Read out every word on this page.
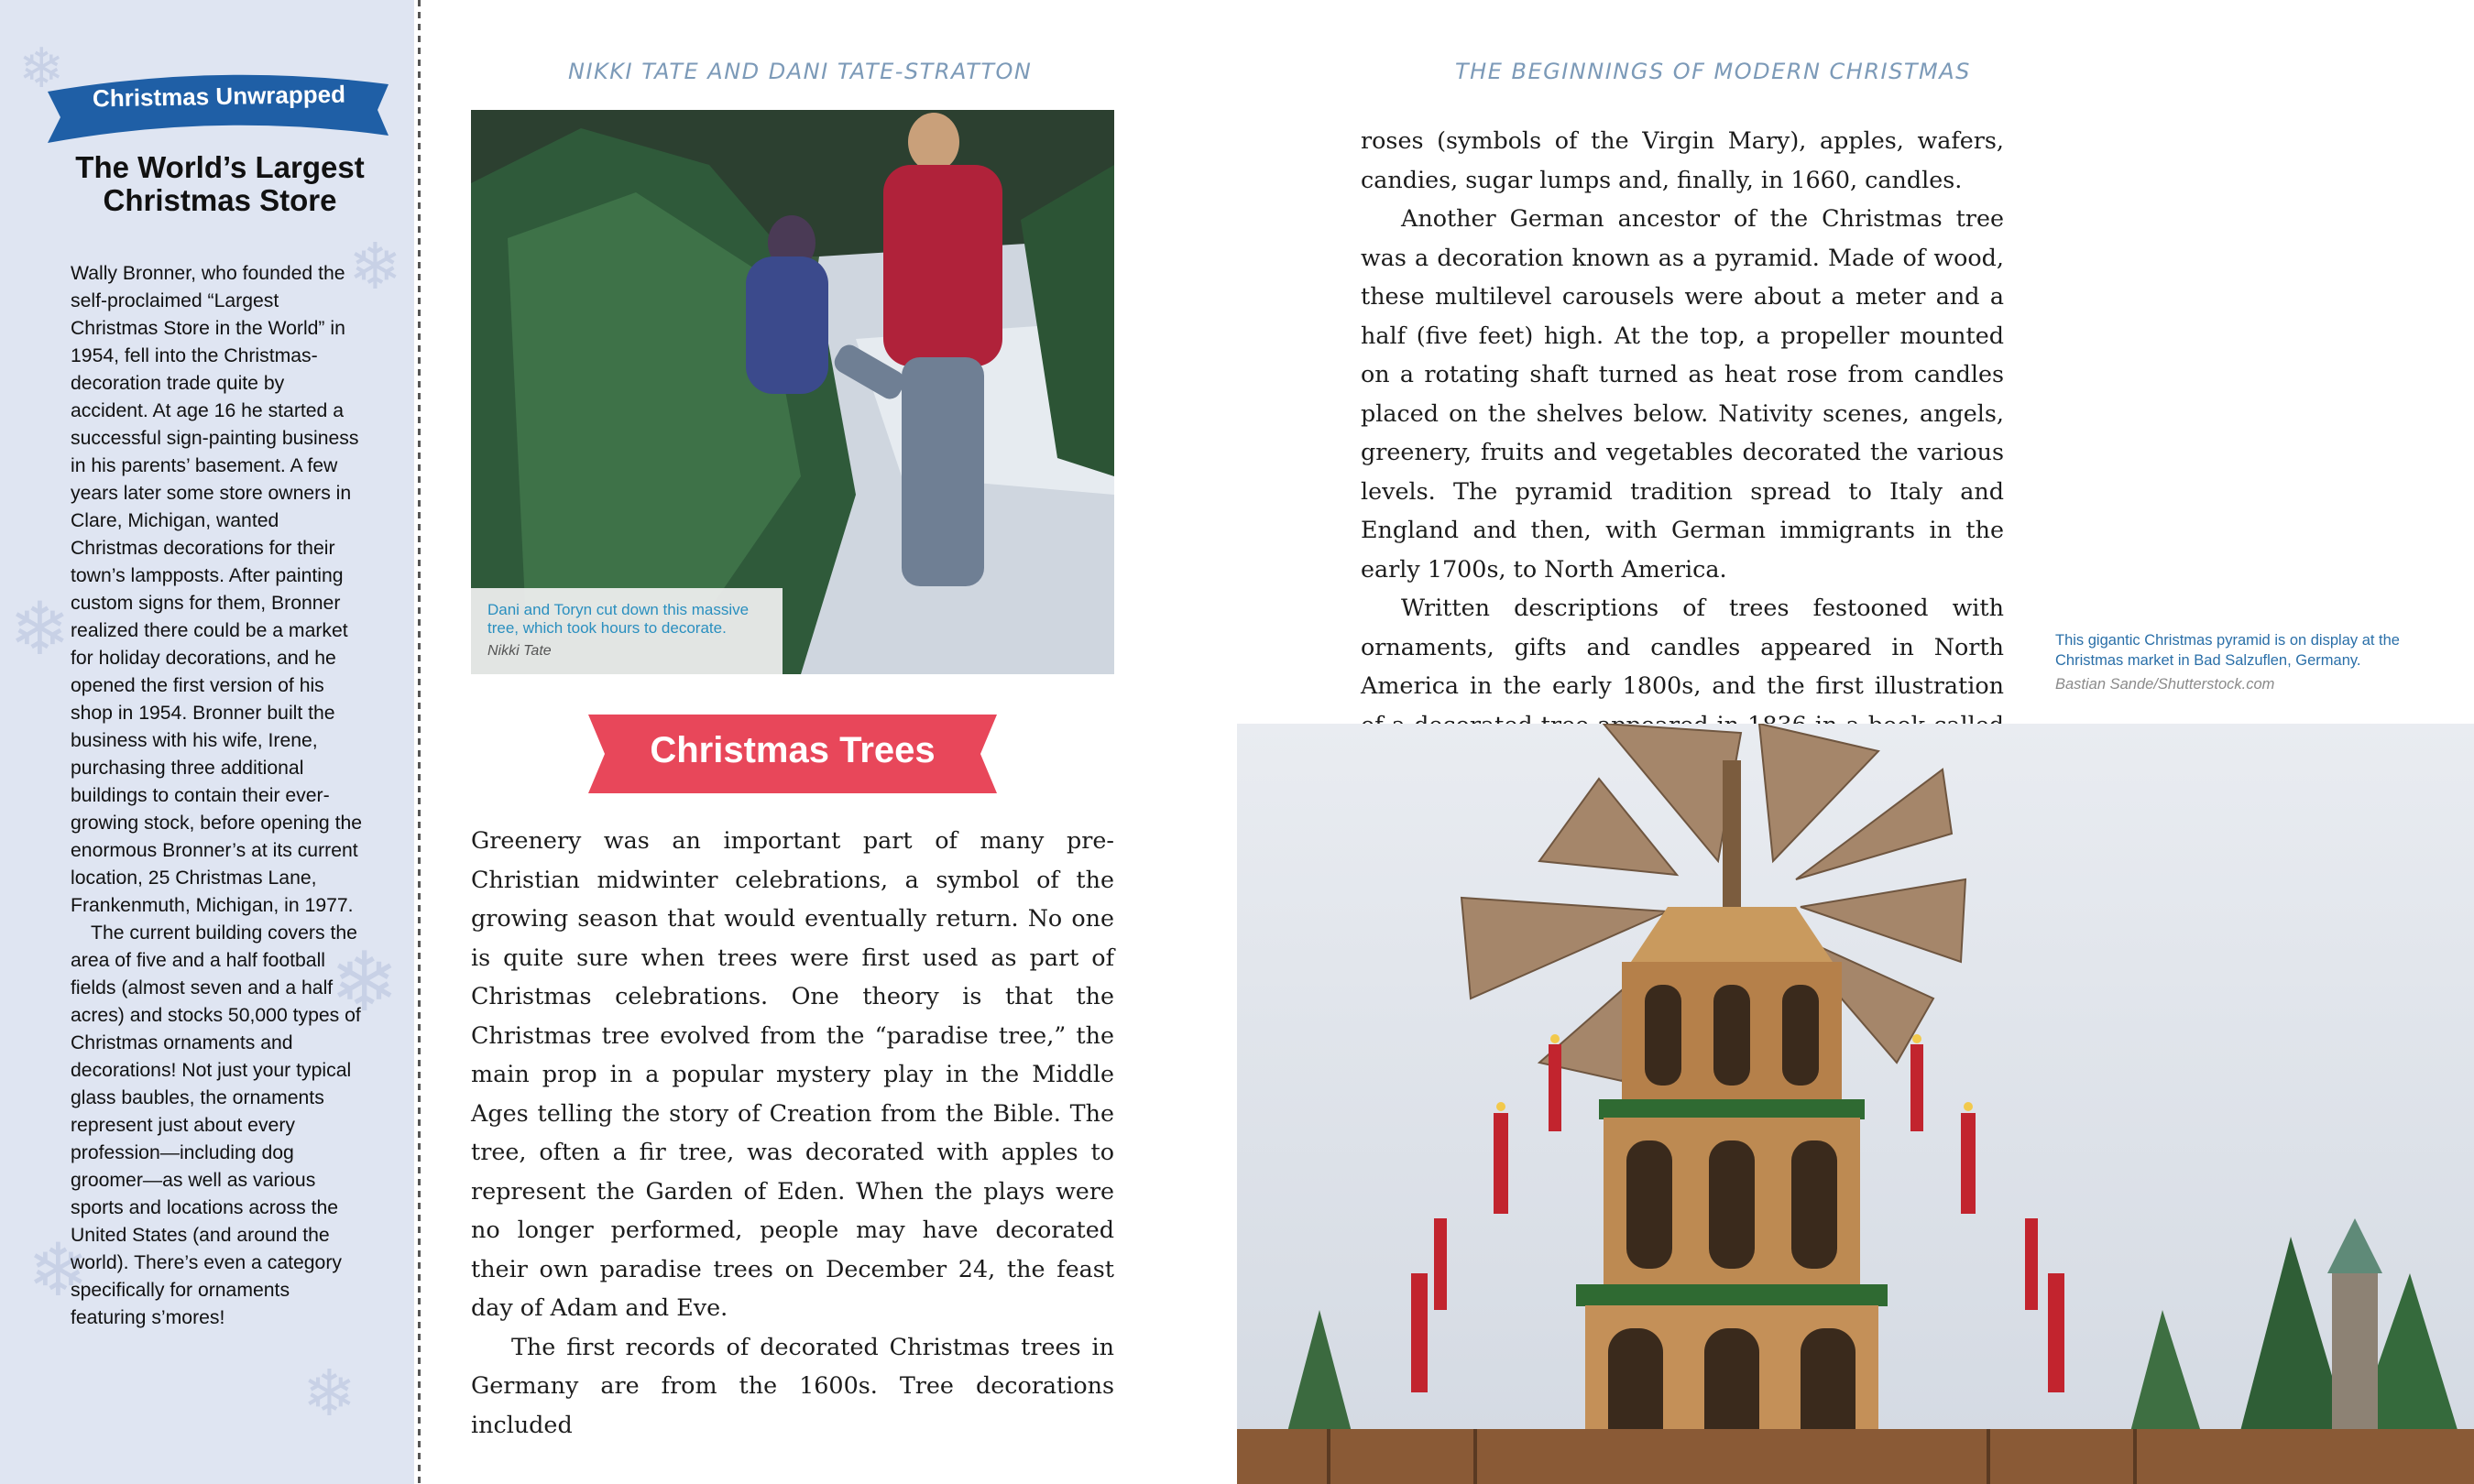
❄
❄
❄
❄
❄
❄
Christmas Unwrapped
The World’s Largest Christmas Store

Wally Bronner, who founded the self-proclaimed “Largest Christmas Store in the World” in 1954, fell into the Christmas-decoration trade quite by accident. At age 16 he started a successful sign-painting business in his parents’ basement. A few years later some store owners in Clare, Michigan, wanted Christmas decorations for their town’s lampposts. After painting custom signs for them, Bronner realized there could be a market for holiday decorations, and he opened the first version of his shop in 1954. Bronner built the business with his wife, Irene, purchasing three additional buildings to contain their ever-growing stock, before opening the enormous Bronner’s at its current location, 25 Christmas Lane, Frankenmuth, Michigan, in 1977.

The current building covers the area of five and a half football fields (almost seven and a half acres) and stocks 50,000 types of Christmas ornaments and decorations! Not just your typical glass baubles, the ornaments represent just about every profession—including dog groomer—as well as various sports and locations across the United States (and around the world). There’s even a category specifically for ornaments featuring s’mores!

NIKKI TATE AND DANI TATE-STRATTON	THE BEGINNINGS OF MODERN CHRISTMAS
Dani and Toryn cut down this massive tree, which took hours to decorate.
Nikki Tate
Christmas Trees

Greenery was an important part of many pre-Christian midwinter celebrations, a symbol of the growing season that would eventually return. No one is quite sure when trees were first used as part of Christmas celebrations. One theory is that the Christmas tree evolved from the “paradise tree,” the main prop in a popular mystery play in the Middle Ages telling the story of Creation from the Bible. The tree, often a fir tree, was decorated with apples to represent the Garden of Eden. When the plays were no longer performed, people may have decorated their own paradise trees on December 24, the feast day of Adam and Eve.

The first records of decorated Christmas trees in Germany are from the 1600s. Tree decorations included

roses (symbols of the Virgin Mary), apples, wafers, candies, sugar lumps and, finally, in 1660, candles.

Another German ancestor of the Christmas tree was a decoration known as a pyramid. Made of wood, these multilevel carousels were about a meter and a half (five feet) high. At the top, a propeller mounted on a rotating shaft turned as heat rose from candles placed on the shelves below. Nativity scenes, angels, greenery, fruits and vegetables decorated the various levels. The pyramid tradition spread to Italy and England and then, with German immigrants in the early 1700s, to North America.

Written descriptions of trees festooned with ornaments, gifts and candles appeared in North America in the early 1800s, and the first illustration

This gigantic Christmas pyramid is on display at the Christmas market in Bad Salzuflen, Germany.
Bastian Sande/Shutterstock.com
